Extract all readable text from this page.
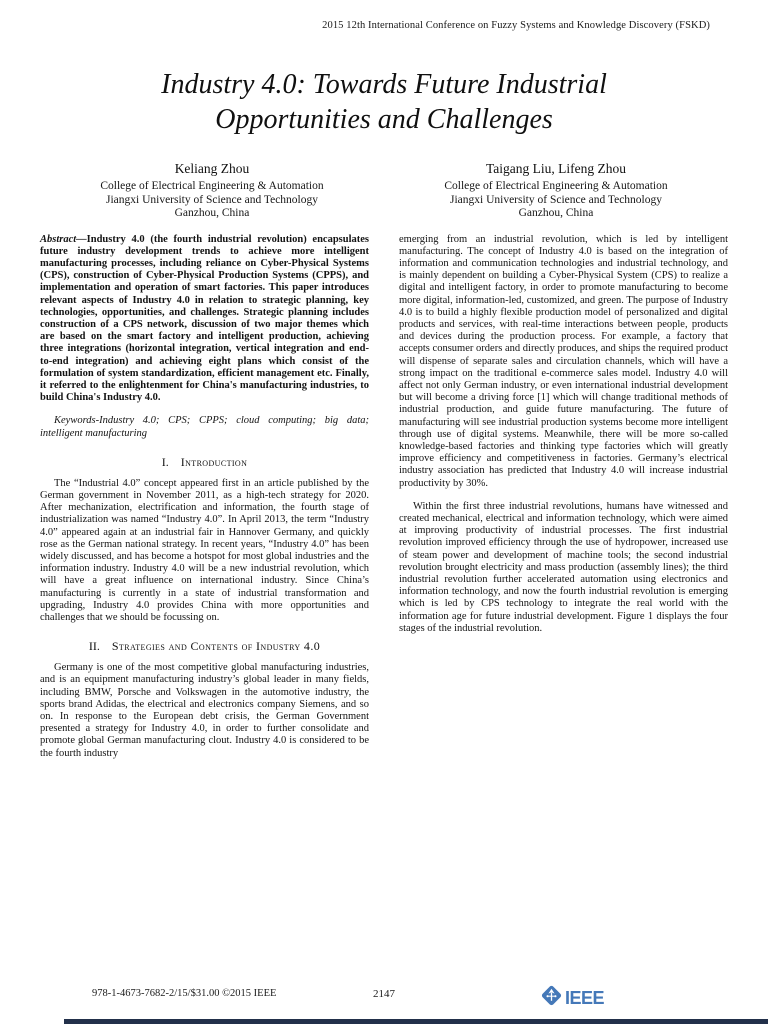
2015 12th International Conference on Fuzzy Systems and Knowledge Discovery (FSKD)
Industry 4.0: Towards Future Industrial
Opportunities and Challenges
Keliang Zhou
College of Electrical Engineering & Automation
Jiangxi University of Science and Technology
Ganzhou, China
Taigang Liu, Lifeng Zhou
College of Electrical Engineering & Automation
Jiangxi University of Science and Technology
Ganzhou, China

Abstract—Industry 4.0 (the fourth industrial revolution) encapsulates future industry development trends to achieve more intelligent manufacturing processes, including reliance on Cyber-Physical Systems (CPS), construction of Cyber-Physical Production Systems (CPPS), and implementation and operation of smart factories. This paper introduces relevant aspects of Industry 4.0 in relation to strategic planning, key technologies, opportunities, and challenges. Strategic planning includes construction of a CPS network, discussion of two major themes which are based on the smart factory and intelligent production, achieving three integrations (horizontal integration, vertical integration and end-to-end integration) and achieving eight plans which consist of the formulation of system standardization, efficient management etc. Finally, it referred to the enlightenment for China's manufacturing industries, to build China's Industry 4.0.

Keywords-Industry 4.0; CPS; CPPS; cloud computing; big data; intelligent manufacturing

I. Introduction

The “Industrial 4.0” concept appeared first in an article published by the German government in November 2011, as a high-tech strategy for 2020. After mechanization, electrification and information, the fourth stage of industrialization was named “Industry 4.0”. In April 2013, the term “Industry 4.0” appeared again at an industrial fair in Hannover Germany, and quickly rose as the German national strategy. In recent years, “Industry 4.0” has been widely discussed, and has become a hotspot for most global industries and the information industry. Industry 4.0 will be a new industrial revolution, which will have a great influence on international industry. Since China’s manufacturing is currently in a state of industrial transformation and upgrading, Industry 4.0 provides China with more opportunities and challenges that we should be focussing on.

II. Strategies and Contents of Industry 4.0

Germany is one of the most competitive global manufacturing industries, and is an equipment manufacturing industry’s global leader in many fields, including BMW, Porsche and Volkswagen in the automotive industry, the sports brand Adidas, the electrical and electronics company Siemens, and so on. In response to the European debt crisis, the German Government presented a strategy for Industry 4.0, in order to further consolidate and promote global German manufacturing clout. Industry 4.0 is considered to be the fourth industry

emerging from an industrial revolution, which is led by intelligent manufacturing. The concept of Industry 4.0 is based on the integration of information and communication technologies and industrial technology, and is mainly dependent on building a Cyber-Physical System (CPS) to realize a digital and intelligent factory, in order to promote manufacturing to become more digital, information-led, customized, and green. The purpose of Industry 4.0 is to build a highly flexible production model of personalized and digital products and services, with real-time interactions between people, products and devices during the production process. For example, a factory that accepts consumer orders and directly produces, and ships the required product will dispense of separate sales and circulation channels, which will have a strong impact on the traditional e-commerce sales model. Industry 4.0 will affect not only German industry, or even international industrial development but will become a driving force [1] which will change traditional methods of industrial production, and guide future manufacturing. The future of manufacturing will see industrial production systems become more intelligent through use of digital systems. Meanwhile, there will be more so-called knowledge-based factories and thinking type factories which will greatly improve efficiency and competitiveness in factories. Germany’s electrical industry association has predicted that Industry 4.0 will increase industrial productivity by 30%.

Within the first three industrial revolutions, humans have witnessed and created mechanical, electrical and information technology, which were aimed at improving productivity of industrial processes. The first industrial revolution improved efficiency through the use of hydropower, increased use of steam power and development of machine tools; the second industrial revolution brought electricity and mass production (assembly lines); the third industrial revolution further accelerated automation using electronics and information technology, and now the fourth industrial revolution is emerging which is led by CPS technology to integrate the real world with the information age for future industrial development. Figure 1 displays the four stages of the industrial revolution.

978-1-4673-7682-2/15/$31.00 ©2015 IEEE	2147	IEEE
